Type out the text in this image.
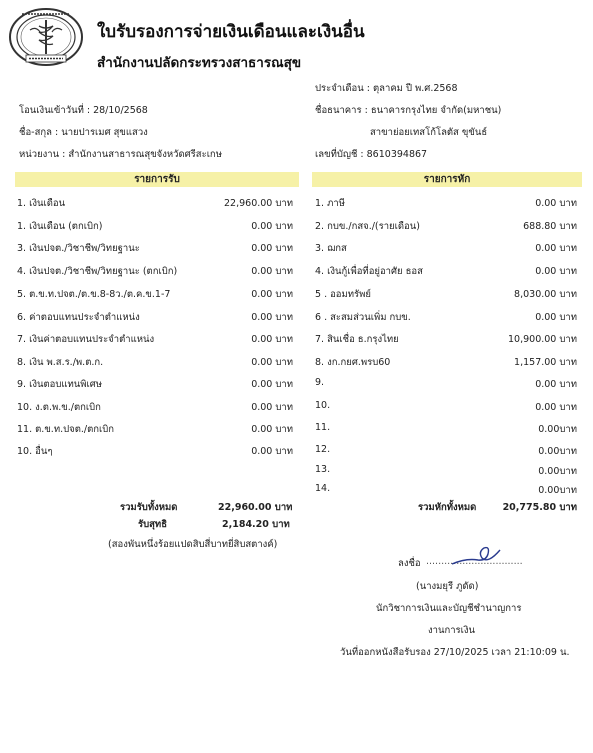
ใบรับรองการจ่ายเงินเดือนและเงินอื่น
สำนักงานปลัดกระทรวงสาธารณสุข
โอนเงินเข้าวันที่ : 28/10/2568
ชื่อ-สกุล : นายปารเมศ สุขแสวง
หน่วยงาน : สำนักงานสาธารณสุขจังหวัดศรีสะเกษ
ประจำเดือน : ตุลาคม ปี พ.ศ.2568
ชื่อธนาคาร : ธนาคารกรุงไทย จำกัด(มหาชน)
สาขาย่อยเทสโก้โลตัส ขุขันธ์
เลขที่บัญชี : 8610394867
รายการรับ	รายการหัก
1. เงินเดือน	22,960.00 บาท
1. เงินเดือน (ตกเบิก)	0.00 บาท
3. เงินปจต./วิชาชีพ/วิทยฐานะ	0.00 บาท
4. เงินปจต./วิชาชีพ/วิทยฐานะ (ตกเบิก)	0.00 บาท
5. ต.ข.ท.ปจต./ต.ข.8-8ว./ต.ค.ข.1-7	0.00 บาท
6. ค่าตอบแทนประจำตำแหน่ง	0.00 บาท
7. เงินค่าตอบแทนประจำตำแหน่ง	0.00 บาท
8. เงิน พ.ส.ร./พ.ต.ก.	0.00 บาท
9. เงินตอบแทนพิเศษ	0.00 บาท
10. ง.ต.พ.ข./ตกเบิก	0.00 บาท
11. ต.ข.ท.ปจต./ตกเบิก	0.00 บาท
10. อื่นๆ	0.00 บาท
1. ภาษี	0.00 บาท
2. กบข./กสจ./(รายเดือน)	688.80 บาท
3. ฌกส	0.00 บาท
4. เงินกู้เพื่อที่อยู่อาศัย ธอส	0.00 บาท
5 . ออมทรัพย์	8,030.00 บาท
6 . สะสมส่วนเพิ่ม กบข.	0.00 บาท
7. สินเชื่อ ธ.กรุงไทย	10,900.00 บาท
8. งก.กยศ.พรบ60	1,157.00 บาท
9.	0.00 บาท
10.	0.00 บาท
11.	0.00บาท
12.	0.00บาท
13.	0.00บาท
14.	0.00บาท
รวมรับทั้งหมด	22,960.00 บาท
รับสุทธิ	2,184.20 บาท
(สองพันหนึ่งร้อยแปดสิบสี่บาทยี่สิบสตางค์)
รวมหักทั้งหมด	20,775.80 บาท
ลงชื่อ ................................
(นางมยุรี ภูดัด)
นักวิชาการเงินและบัญชีชำนาญการ
งานการเงิน
วันที่ออกหนังสือรับรอง 27/10/2025 เวลา 21:10:09 น.
